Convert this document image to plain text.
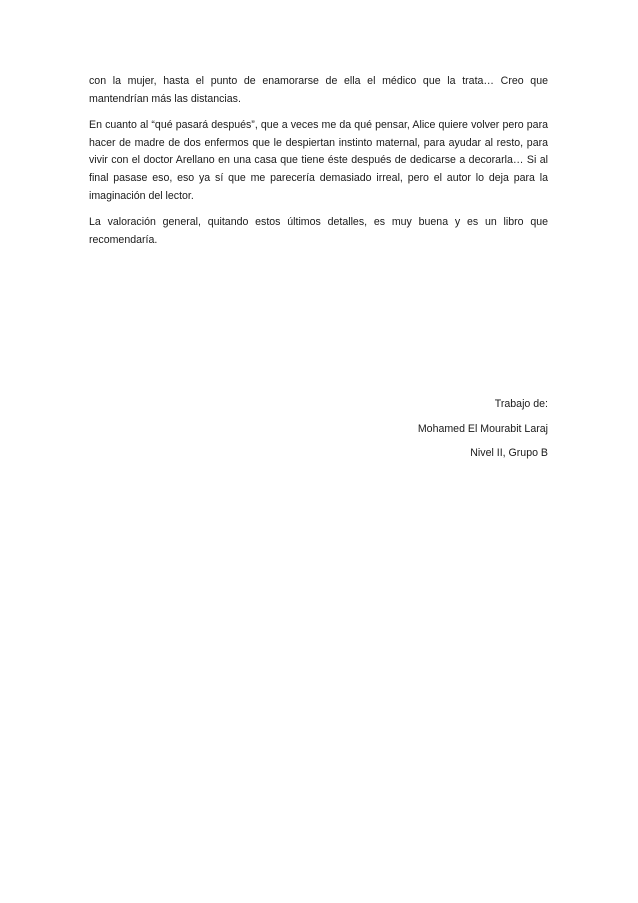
con la mujer, hasta el punto de enamorarse de ella el médico que la trata… Creo que mantendrían más las distancias.

En cuanto al “qué pasará después”, que a veces me da qué pensar, Alice quiere volver pero para hacer de madre de dos enfermos que le despiertan instinto maternal, para ayudar al resto, para vivir con el doctor Arellano en una casa que tiene éste después de dedicarse a decorarla… Si al final pasase eso, eso ya sí que me parecería demasiado irreal, pero el autor lo deja para la imaginación del lector.

La valoración general, quitando estos últimos detalles, es muy buena y es un libro que recomendaría.

Trabajo de:
Mohamed El Mourabit Laraj
Nivel II, Grupo B
